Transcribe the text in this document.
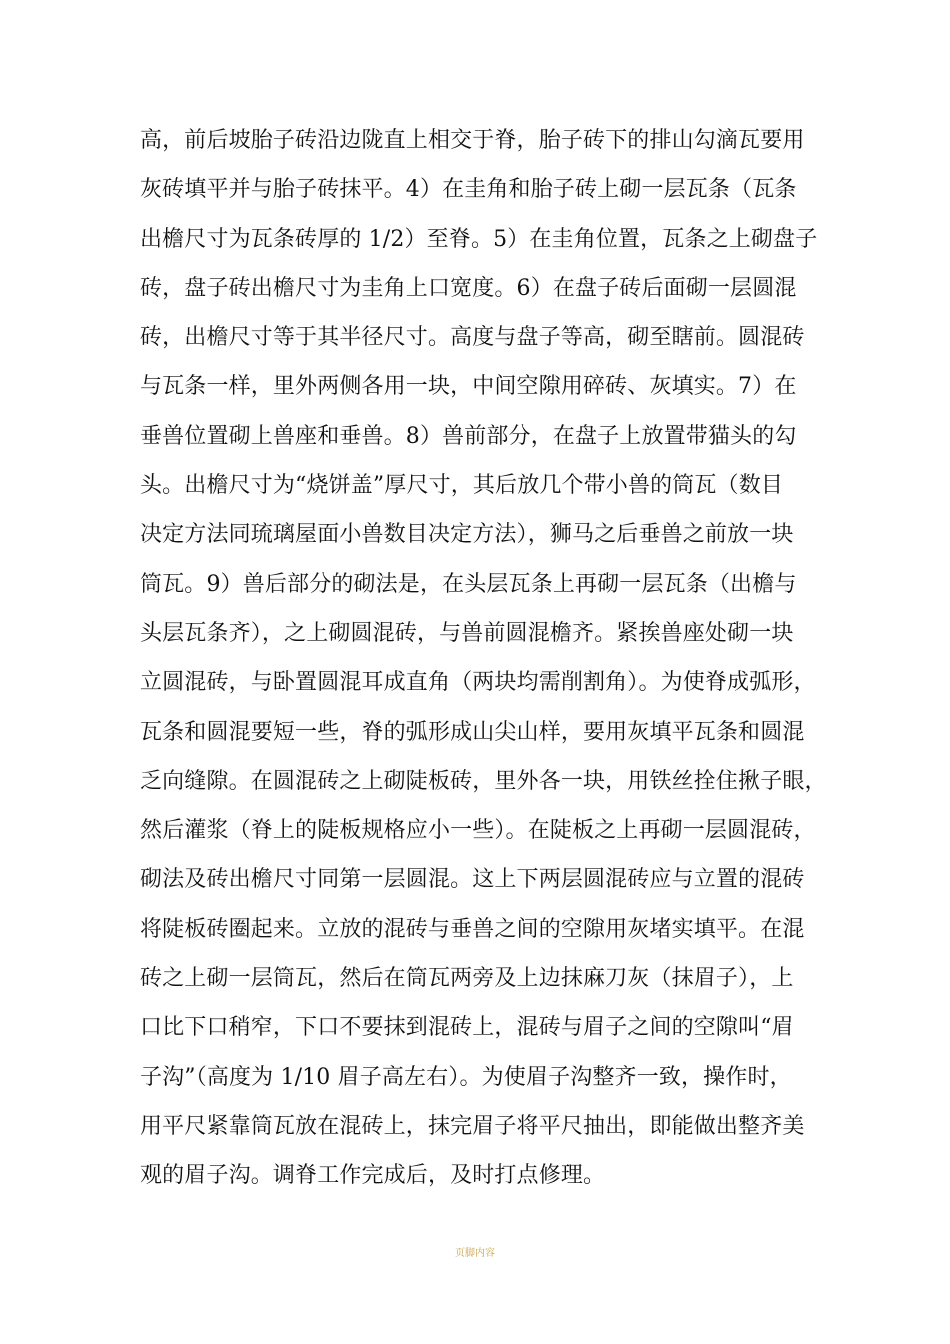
高，前后坡胎子砖沿边陇直上相交于脊，胎子砖下的排山勾滴瓦要用
灰砖填平并与胎子砖抹平。4）在圭角和胎子砖上砌一层瓦条（瓦条
出檐尺寸为瓦条砖厚的 1/2）至脊。5）在圭角位置，瓦条之上砌盘子
砖，盘子砖出檐尺寸为圭角上口宽度。6）在盘子砖后面砌一层圆混
砖，出檐尺寸等于其半径尺寸。高度与盘子等高，砌至瞎前。圆混砖
与瓦条一样，里外两侧各用一块，中间空隙用碎砖、灰填实。7）在
垂兽位置砌上兽座和垂兽。8）兽前部分，在盘子上放置带猫头的勾
头。出檐尺寸为“烧饼盖”厚尺寸，其后放几个带小兽的筒瓦（数目
决定方法同琉璃屋面小兽数目决定方法），狮马之后垂兽之前放一块
筒瓦。9）兽后部分的砌法是，在头层瓦条上再砌一层瓦条（出檐与
头层瓦条齐），之上砌圆混砖，与兽前圆混檐齐。紧挨兽座处砌一块
立圆混砖，与卧置圆混耳成直角（两块均需削割角）。为使脊成弧形，
瓦条和圆混要短一些，脊的弧形成山尖山样，要用灰填平瓦条和圆混
乏向缝隙。在圆混砖之上砌陡板砖，里外各一块，用铁丝拴住揪子眼，
然后灌浆（脊上的陡板规格应小一些）。在陡板之上再砌一层圆混砖，
砌法及砖出檐尺寸同第一层圆混。这上下两层圆混砖应与立置的混砖
将陡板砖圈起来。立放的混砖与垂兽之间的空隙用灰堵实填平。在混
砖之上砌一层筒瓦，然后在筒瓦两旁及上边抹麻刀灰（抹眉子），上
口比下口稍窄，下口不要抹到混砖上，混砖与眉子之间的空隙叫“眉
子沟”（高度为 1/10 眉子高左右）。为使眉子沟整齐一致，操作时，
用平尺紧靠筒瓦放在混砖上，抹完眉子将平尺抽出，即能做出整齐美
观的眉子沟。调脊工作完成后，及时打点修理。
页脚内容
